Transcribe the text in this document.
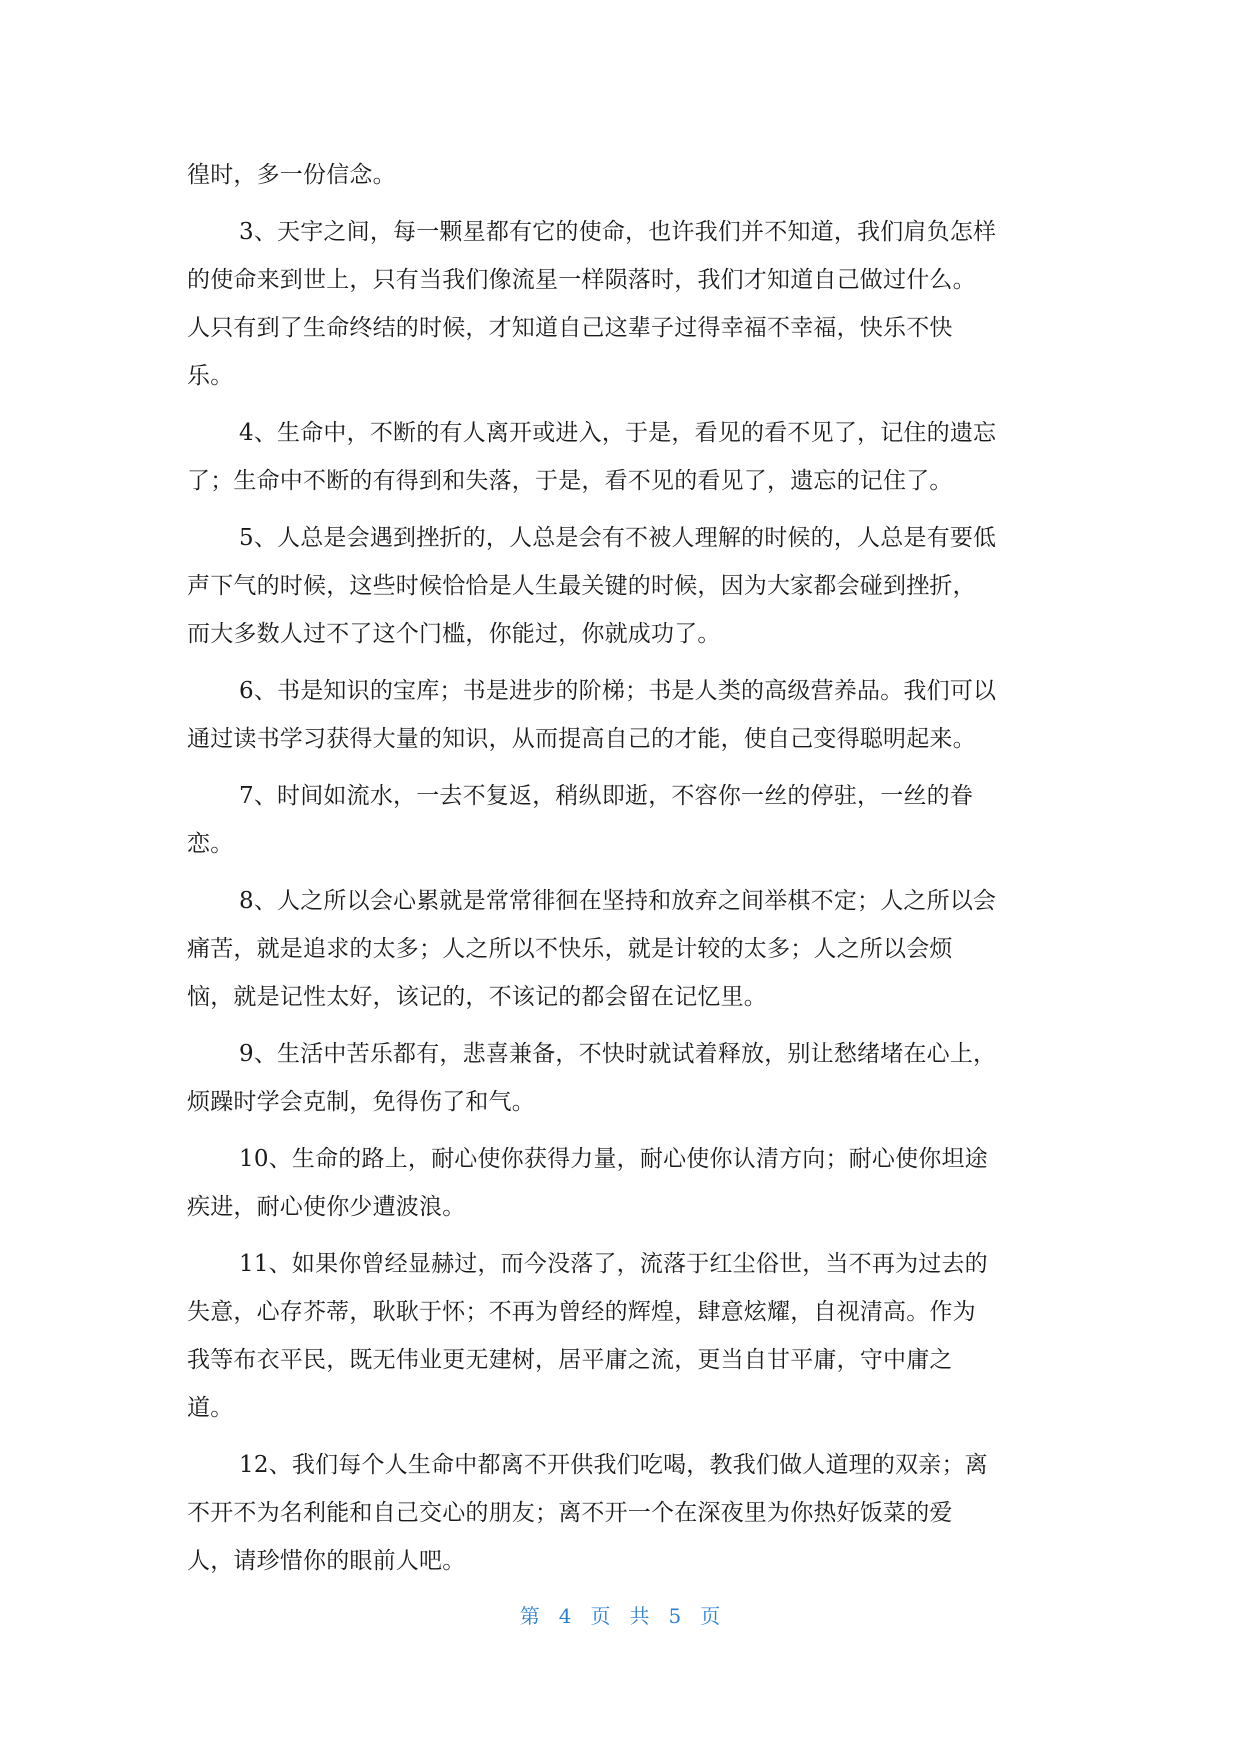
徨时，多一份信念。
3、天宇之间，每一颗星都有它的使命，也许我们并不知道，我们肩负怎样
的使命来到世上，只有当我们像流星一样陨落时，我们才知道自己做过什么。
人只有到了生命终结的时候，才知道自己这辈子过得幸福不幸福，快乐不快
乐。
4、生命中，不断的有人离开或进入，于是，看见的看不见了，记住的遗忘
了；生命中不断的有得到和失落，于是，看不见的看见了，遗忘的记住了。
5、人总是会遇到挫折的，人总是会有不被人理解的时候的，人总是有要低
声下气的时候，这些时候恰恰是人生最关键的时候，因为大家都会碰到挫折，
而大多数人过不了这个门槛，你能过，你就成功了。
6、书是知识的宝库；书是进步的阶梯；书是人类的高级营养品。我们可以
通过读书学习获得大量的知识，从而提高自己的才能，使自己变得聪明起来。
7、时间如流水，一去不复返，稍纵即逝，不容你一丝的停驻，一丝的眷
恋。
8、人之所以会心累就是常常徘徊在坚持和放弃之间举棋不定；人之所以会
痛苦，就是追求的太多；人之所以不快乐，就是计较的太多；人之所以会烦
恼，就是记性太好，该记的，不该记的都会留在记忆里。
9、生活中苦乐都有，悲喜兼备，不快时就试着释放，别让愁绪堵在心上，
烦躁时学会克制，免得伤了和气。
10、生命的路上，耐心使你获得力量，耐心使你认清方向；耐心使你坦途
疾进，耐心使你少遭波浪。
11、如果你曾经显赫过，而今没落了，流落于红尘俗世，当不再为过去的
失意，心存芥蒂，耿耿于怀；不再为曾经的辉煌，肆意炫耀，自视清高。作为
我等布衣平民，既无伟业更无建树，居平庸之流，更当自甘平庸，守中庸之
道。
12、我们每个人生命中都离不开供我们吃喝，教我们做人道理的双亲；离
不开不为名利能和自己交心的朋友；离不开一个在深夜里为你热好饭菜的爱
人，请珍惜你的眼前人吧。
第 4 页 共 5 页
